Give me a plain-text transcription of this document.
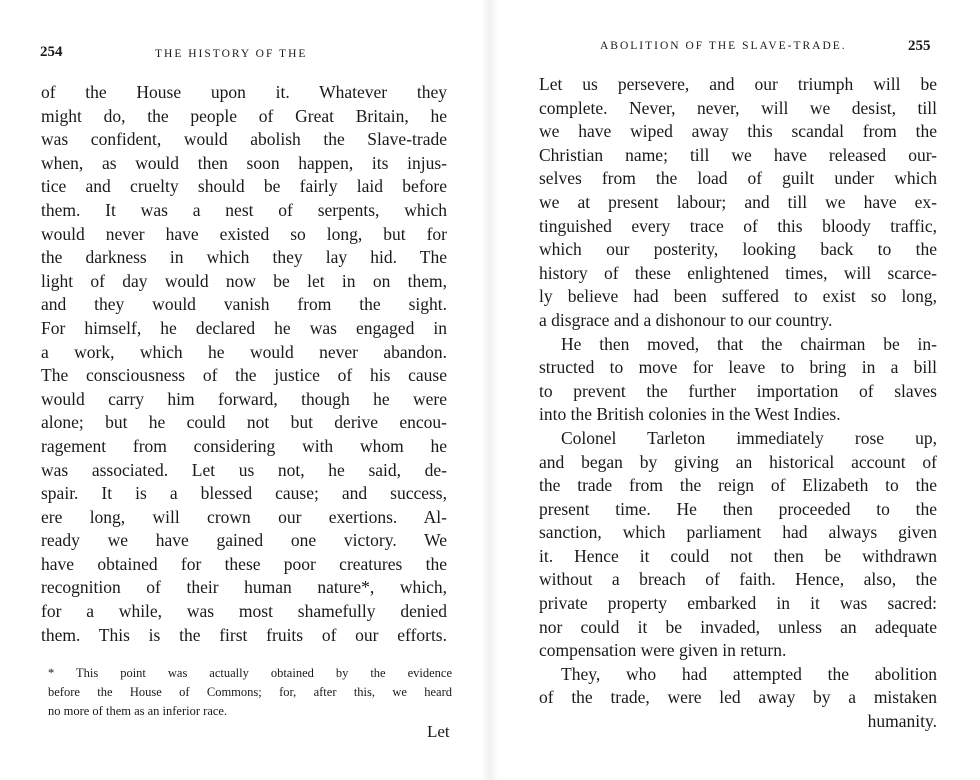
254	THE HISTORY OF THE
of the House upon it. Whatever they
might do, the people of Great Britain, he
was confident, would abolish the Slave-trade
when, as would then soon happen, its injus-
tice and cruelty should be fairly laid before
them. It was a nest of serpents, which
would never have existed so long, but for
the darkness in which they lay hid. The
light of day would now be let in on them,
and they would vanish from the sight.
For himself, he declared he was engaged in
a work, which he would never abandon.
The consciousness of the justice of his cause
would carry him forward, though he were
alone; but he could not but derive encou-
ragement from considering with whom he
was associated. Let us not, he said, de-
spair. It is a blessed cause; and success,
ere long, will crown our exertions. Al-
ready we have gained one victory. We
have obtained for these poor creatures the
recognition of their human nature*, which,
for a while, was most shamefully denied
them. This is the first fruits of our efforts.
* This point was actually obtained by the evidence
before the House of Commons; for, after this, we heard
no more of them as an inferior race.
Let
ABOLITION OF THE SLAVE-TRADE.	255
Let us persevere, and our triumph will be
complete. Never, never, will we desist, till
we have wiped away this scandal from the
Christian name; till we have released our-
selves from the load of guilt under which
we at present labour; and till we have ex-
tinguished every trace of this bloody traffic,
which our posterity, looking back to the
history of these enlightened times, will scarce-
ly believe had been suffered to exist so long,
a disgrace and a dishonour to our country.
He then moved, that the chairman be in-
structed to move for leave to bring in a bill
to prevent the further importation of slaves
into the British colonies in the West Indies.
Colonel Tarleton immediately rose up,
and began by giving an historical account of
the trade from the reign of Elizabeth to the
present time. He then proceeded to the
sanction, which parliament had always given
it. Hence it could not then be withdrawn
without a breach of faith. Hence, also, the
private property embarked in it was sacred:
nor could it be invaded, unless an adequate
compensation were given in return.
They, who had attempted the abolition
of the trade, were led away by a mistaken
humanity.
